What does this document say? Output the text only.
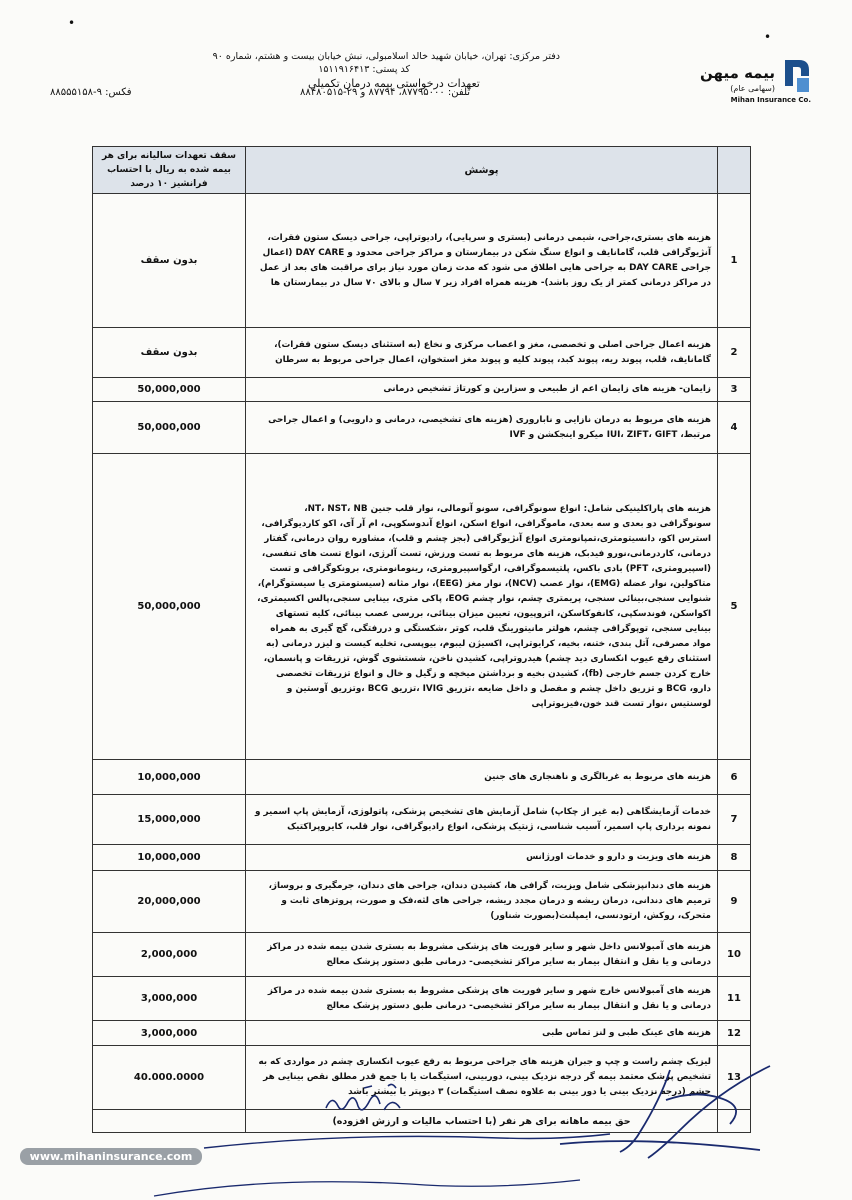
دفتر مرکزی: تهران، خیابان شهید خالد اسلامبولی، نبش خیابان بیست و هشتم، شماره ۹۰
کد پستی: ۱۵۱۱۹۱۶۴۱۳
تعهدات درخواستی بیمه درمان تکمیلی
تلفن: ۸۷۷۹۵۰۰۰، ۸۷۷۹۴ و ۲۹-۸۸۴۸۰۵۱۵
فکس: ۹-۸۸۵۵۵۱۵۸
بیمه میهن
(سهامی عام)
Mihan Insurance Co.
	پوشش	سقف تعهدات سالیانه برای هر بیمه شده به ریال با احتساب فرانشیز ۱۰ درصد
1	هزینه های بستری،جراحی، شیمی درمانی (بستری و سرپایی)، رادیوتراپی، جراحی دیسک ستون فقرات، آنژیوگرافی قلب، گامانایف و انواع سنگ شکن در بیمارستان و مراکز جراحی محدود و DAY CARE (اعمال جراحی DAY CARE به جراحی هایی اطلاق می شود که مدت زمان مورد نیاز برای مراقبت های بعد از عمل در مراکز درمانی کمتر از یک روز باشد)- هزینه همراه افراد زیر ۷ سال و بالای ۷۰ سال در بیمارستان ها	بدون سقف
2	هزینه اعمال جراحی اصلی و تخصصی، مغز و اعصاب مرکزی و نخاع (به استثنای دیسک ستون فقرات)، گامانایف، قلب، پیوند ریه، پیوند کبد، پیوند کلیه و پیوند مغز استخوان، اعمال جراحی مربوط به سرطان	بدون سقف
3	زایمان- هزینه های زایمان اعم از طبیعی و سزارین و کورتاژ تشخیص درمانی	50,000,000
4	هزینه های مربوط به درمان نازایی و ناباروری (هزینه های تشخیصی، درمانی و دارویی) و اعمال جراحی مرتبط، IUI، ZIFT، GIFT میکرو اینجکشن و IVF	50,000,000
5	هزینه های پاراکلینیکی شامل: انواع سونوگرافی، سونو آنومالی، نوار قلب جنین NT، NST، NB، سونوگرافی دو بعدی و سه بعدی، ماموگرافی، انواع اسکن، انواع آندوسکوپی، ام آر آی، اکو کاردیوگرافی، استرس اکو، دانسیتومتری،تمپانومتری انواع آنژیوگرافی (بجز چشم و قلب)، مشاوره روان درمانی، گفتار درمانی، کاردرمانی،نورو فیدبک، هزینه های مربوط به تست ورزش، تست آلرژی، انواع تست های تنفسی، (اسپیرومتری، PFT) بادی باکس، پلتیسموگرافی، ارگواسپیرومتری، رینومانومتری، برونکوگرافی و تست متاکولین، نوار عضله (EMG)، نوار عصب (NCV)، نوار مغز (EEG)، نوار مثانه (سیستومتری یا سیستوگرام)، شنوایی سنجی،بینائی سنجی، پریمتری چشم، نوار چشم EOG، پاکی متری، بینایی سنجی،پالس اکسیمتری، اکواسکن، فوندسکپی، کانفوکاسکن، اتروپیون، تعیین میزان بینائی، بررسی عصب بینائی، کلیه تستهای بینایی سنجی، توپوگرافی چشم، هولتر مانیتورینگ قلب، کوتر ،شکستگی و دررفتگی، گچ گیری به همراه مواد مصرفی، آتل بندی، ختنه، بخیه، کرایوتراپی، اکسیژن لیبوم، بیوپسی، تخلیه کیست و لیزر درمانی (به استثنای رفع عیوب انکساری دید چشم) هیدروتراپی، کشیدن ناخن، شستشوی گوش، تزریقات و پانسمان، خارج کردن جسم خارجی (fb)، کشیدن بخیه و برداشتن میخچه و زگیل و خال و انواع تزریقات تخصصی دارو، BCG و تزریق داخل چشم و مفصل و داخل ضایعه ،تزریق IVIG ،تزریق BCG ،وتزریق آوستین و لوسنتیس ،نوار تست قند خون،فیزیوتراپی	50,000,000
6	هزینه های مربوط به غربالگری و ناهنجاری های جنین	10,000,000
7	خدمات آزمایشگاهی (به غیر از چکاپ) شامل آزمایش های تشخیص پزشکی، پاتولوژی، آزمایش پاپ اسمیر و نمونه برداری پاپ اسمیر، آسیب شناسی، ژنتیک پزشکی، انواع رادیوگرافی، نوار قلب، کایروپراکتیک	15,000,000
8	هزینه های ویزیت و دارو و خدمات اورژانس	10,000,000
9	هزینه های دندانپزشکی شامل ویزیت، گرافی ها، کشیدن دندان، جراحی های دندان، جرمگیری و بروساژ، ترمیم های دندانی، درمان ریشه و درمان مجدد ریشه، جراحی های لثه،فک و صورت، پروتزهای ثابت و متحرک، روکش، ارتودنسی، ایمپلنت(بصورت شناور)	20,000,000
10	هزینه های آمبولانس داخل شهر و سایر فوریت های پزشکی مشروط به بستری شدن بیمه شده در مراکز درمانی و یا نقل و انتقال بیمار به سایر مراکز تشخیصی- درمانی طبق دستور پزشک معالج	2,000,000
11	هزینه های آمبولانس خارج شهر و سایر فوریت های پزشکی مشروط به بستری شدن بیمه شده در مراکز درمانی و یا نقل و انتقال بیمار به سایر مراکز تشخیصی- درمانی طبق دستور پزشک معالج	3,000,000
12	هزینه های عینک طبی و لنز تماس طبی	3,000,000
13	لیزیک چشم راست و چپ و جبران هزینه های جراحی مربوط به رفع عیوب انکساری چشم در مواردی که به تشخیص پزشک معتمد بیمه گر درجه نزدیک بینی، دوربینی، استیگمات یا با جمع قدر مطلق نقص بینایی هر چشم (درجه نزدیک بینی یا دور بینی به علاوه نصف استیگمات) ۳ دیوپتر یا بیشتر باشد	40.000.0000
	حق بیمه ماهانه برای هر نفر (با احتساب مالیات و ارزش افزوده)	
www.mihaninsurance.com
•
•
